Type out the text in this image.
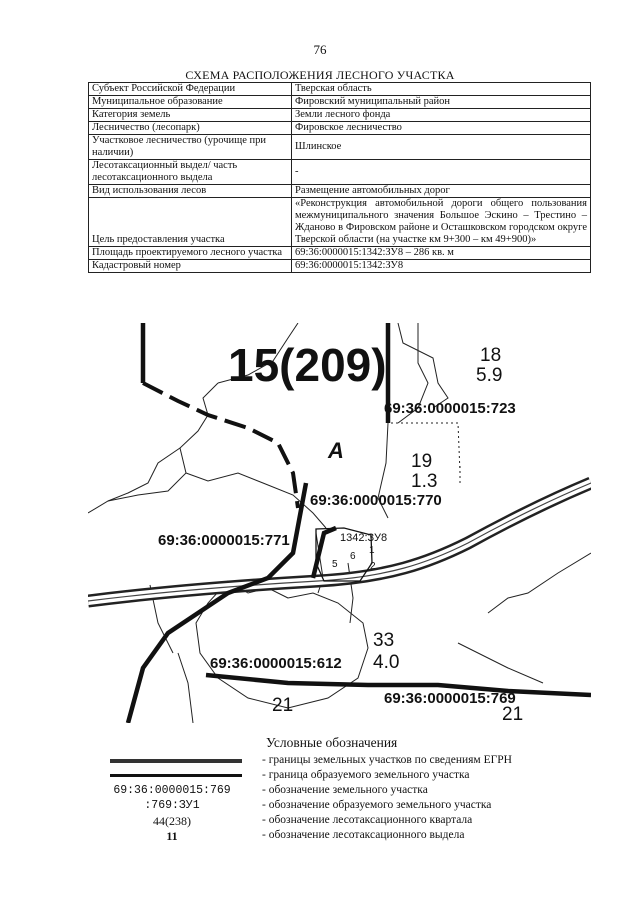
76
СХЕМА РАСПОЛОЖЕНИЯ ЛЕСНОГО УЧАСТКА
Субъект Российской Федерации	Тверская область
Муниципальное образование	Фировский муниципальный район
Категория земель	Земли лесного фонда
Лесничество (лесопарк)	Фировское лесничество
Участковое лесничество (урочище при наличии)	Шлинское
Лесотаксационный выдел/ часть лесотаксационного выдела	-
Вид использования лесов	Размещение автомобильных дорог
Цель предоставления участка	«Реконструкция автомобильной дороги общего пользования межмуниципального значения Большое Эскино – Трестино – Жданово в Фировском районе и Осташковском городском округе Тверской области (на участке км 9+300 – км 49+900)»
Площадь проектируемого лесного участка	69:36:0000015:1342:ЗУ8 – 286 кв. м
Кадастровый номер	69:36:0000015:1342:ЗУ8
15(209)
А
1342:ЗУ8
5
6
1
2
69:36:0000015:723
69:36:0000015:770
69:36:0000015:771
69:36:0000015:612
69:36:0000015:769
18
5.9
19
1.3
33
4.0
21	21
Условные обозначения
- границы земельных участков по сведениям ЕГРН
- граница образуемого земельного участка
69:36:0000015:769	- обозначение земельного участка
:769:ЗУ1	- обозначение образуемого земельного участка
44(238)	- обозначение лесотаксационного квартала
11	- обозначение лесотаксационного выдела
